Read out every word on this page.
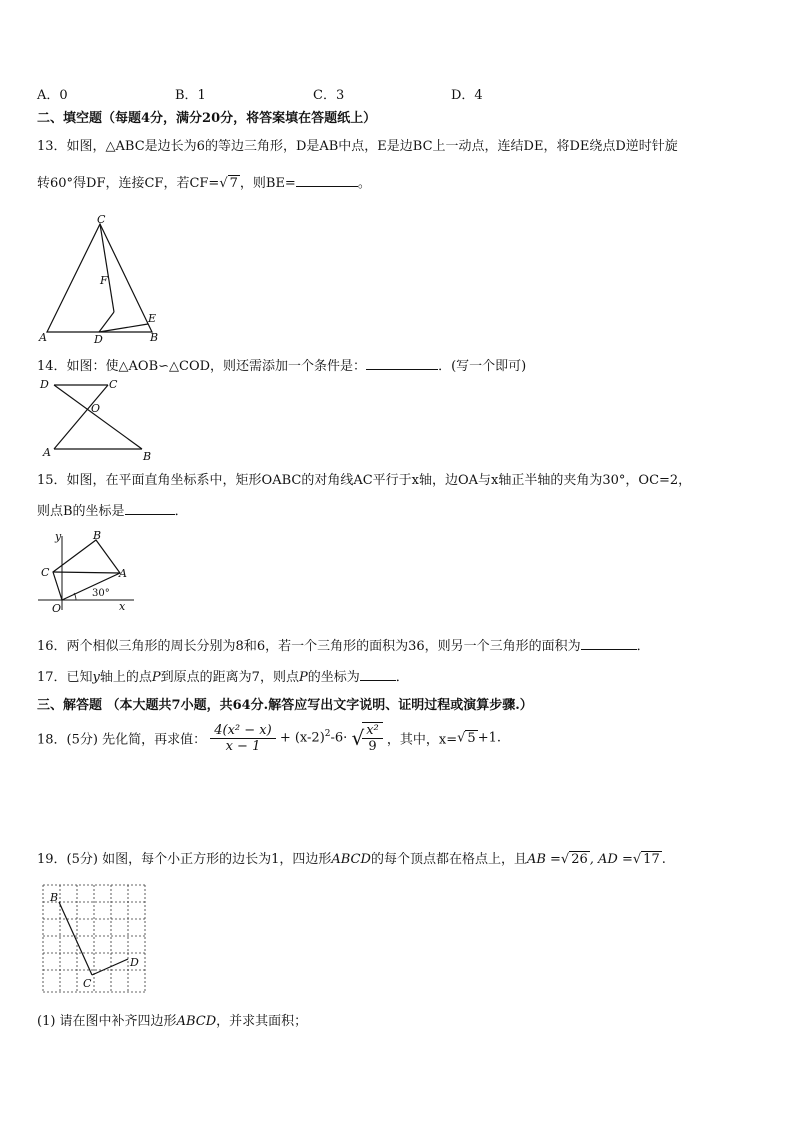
A．0	B．1	C．3	D．4
二、填空题（每题4分，满分20分，将答案填在答题纸上）
13．如图，△ABC是边长为6的等边三角形，D是AB中点，E是边BC上一动点，连结DE，将DE绕点D逆时针旋
转60°得DF，连接CF，若CF=√ 7 ，则BE=	。
A	B
C
D
E
F
14．如图：使△AOB∽△COD，则还需添加一个条件是：	．(写一个即可)
D	C
O
A	B
15．如图，在平面直角坐标系中，矩形OABC的对角线AC平行于x轴，边OA与x轴正半轴的夹角为30°，OC=2，
则点B的坐标是	．
y
x
B
C	A
O
30°
16．两个相似三角形的周长分别为8和6，若一个三角形的面积为36，则另一个三角形的面积为	．
17．已知y轴上的点P到原点的距离为7，则点P的坐标为	．
三、解答题 （本大题共7小题，共64分.解答应写出文字说明、证明过程或演算步骤.）
18．(5分) 先化简，再求值： $\frac{\text{4(x² − x)}}{x - 1} + (x-2)^2-6\cdot$ √
$\frac{\text{x²}}{9}$ ，其中，x=√ 5 +1.
19．(5分) 如图，每个小正方形的边长为1，四边形ABCD的每个顶点都在格点上，且AB =√ 26 , AD =√ 17 .
B
C
D
(1) 请在图中补齐四边形ABCD，并求其面积；
